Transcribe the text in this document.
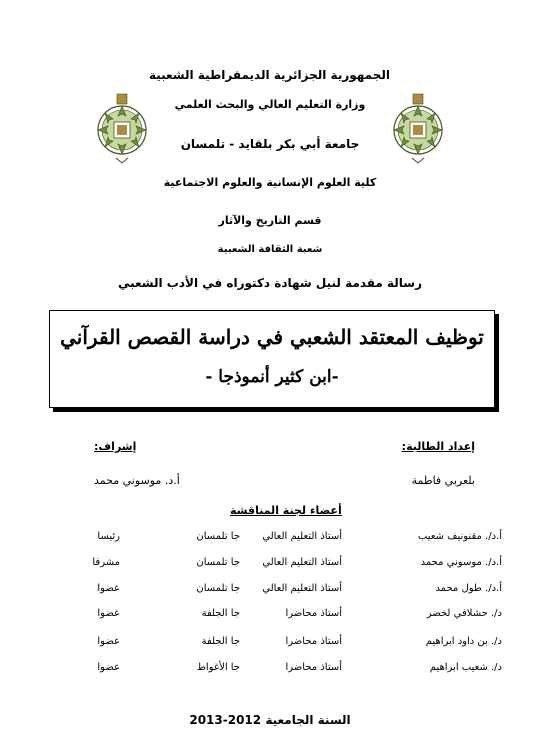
الجمهورية الجزائرية الديمقراطية الشعبية
وزارة التعليم العالي والبحث العلمي
جامعة أبي بكر بلقايد - تلمسان
كلية العلوم الإنسانية والعلوم الاجتماعية
قسم التاريخ والآثار
شعبة الثقافة الشعبية
رسالة مقدمة لنيل شهادة دكتوراه في الأدب الشعبي
توظيف المعتقد الشعبي في دراسة القصص القرآني
-ابن كثير أنموذجا -
إعداد الطالبة:
إشراف:
بلعربي فاطمة
أ.د. موسوني محمد
أعضاء لجنة المناقشة
أ.د/. مقنونيف شعيب
أستاذ التعليم العالي
جا تلمسان
رئيسا
أ.د/. موسوني محمد
أستاذ التعليم العالي
جا تلمسان
مشرفا
أ.د/. طول محمد
أستاذ التعليم العالي
جا تلمسان
عضوا
د/. حشلافي لخضر
أستاذ محاضرا
جا الجلفة
عضوا
د/. بن داود ابراهيم
أستاذ محاضرا
جا الجلفة
عضوا
د/. شعيب ابراهيم
أستاذ محاضرا
جا الأغواط
عضوا
السنة الجامعية 2012-2013
